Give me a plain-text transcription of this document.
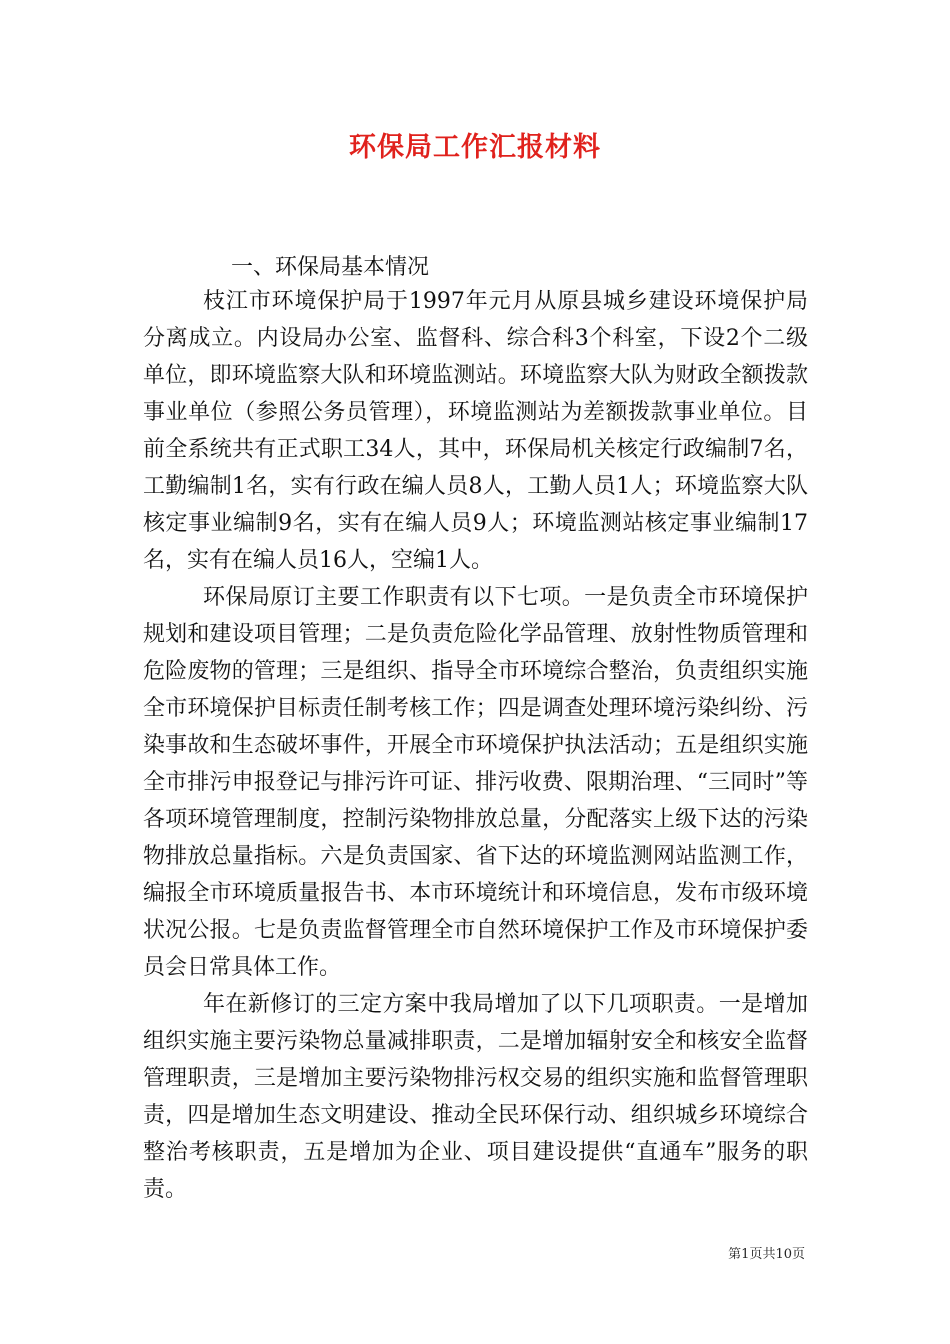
环保局工作汇报材料

一、环保局基本情况

枝江市环境保护局于1997年元月从原县城乡建设环境保护局分离成立。内设局办公室、监督科、综合科3个科室，下设2个二级单位，即环境监察大队和环境监测站。环境监察大队为财政全额拨款事业单位（参照公务员管理），环境监测站为差额拨款事业单位。目前全系统共有正式职工34人，其中，环保局机关核定行政编制7名，工勤编制1名，实有行政在编人员8人，工勤人员1人；环境监察大队核定事业编制9名，实有在编人员9人；环境监测站核定事业编制17名，实有在编人员16人，空编1人。

环保局原订主要工作职责有以下七项。一是负责全市环境保护规划和建设项目管理；二是负责危险化学品管理、放射性物质管理和危险废物的管理；三是组织、指导全市环境综合整治，负责组织实施全市环境保护目标责任制考核工作；四是调查处理环境污染纠纷、污染事故和生态破坏事件，开展全市环境保护执法活动；五是组织实施全市排污申报登记与排污许可证、排污收费、限期治理、“三同时”等各项环境管理制度，控制污染物排放总量，分配落实上级下达的污染物排放总量指标。六是负责国家、省下达的环境监测网站监测工作，编报全市环境质量报告书、本市环境统计和环境信息，发布市级环境状况公报。七是负责监督管理全市自然环境保护工作及市环境保护委员会日常具体工作。

年在新修订的三定方案中我局增加了以下几项职责。一是增加组织实施主要污染物总量减排职责，二是增加辐射安全和核安全监督管理职责，三是增加主要污染物排污权交易的组织实施和监督管理职责，四是增加生态文明建设、推动全民环保行动、组织城乡环境综合整治考核职责，五是增加为企业、项目建设提供“直通车”服务的职责。

第1页共10页
